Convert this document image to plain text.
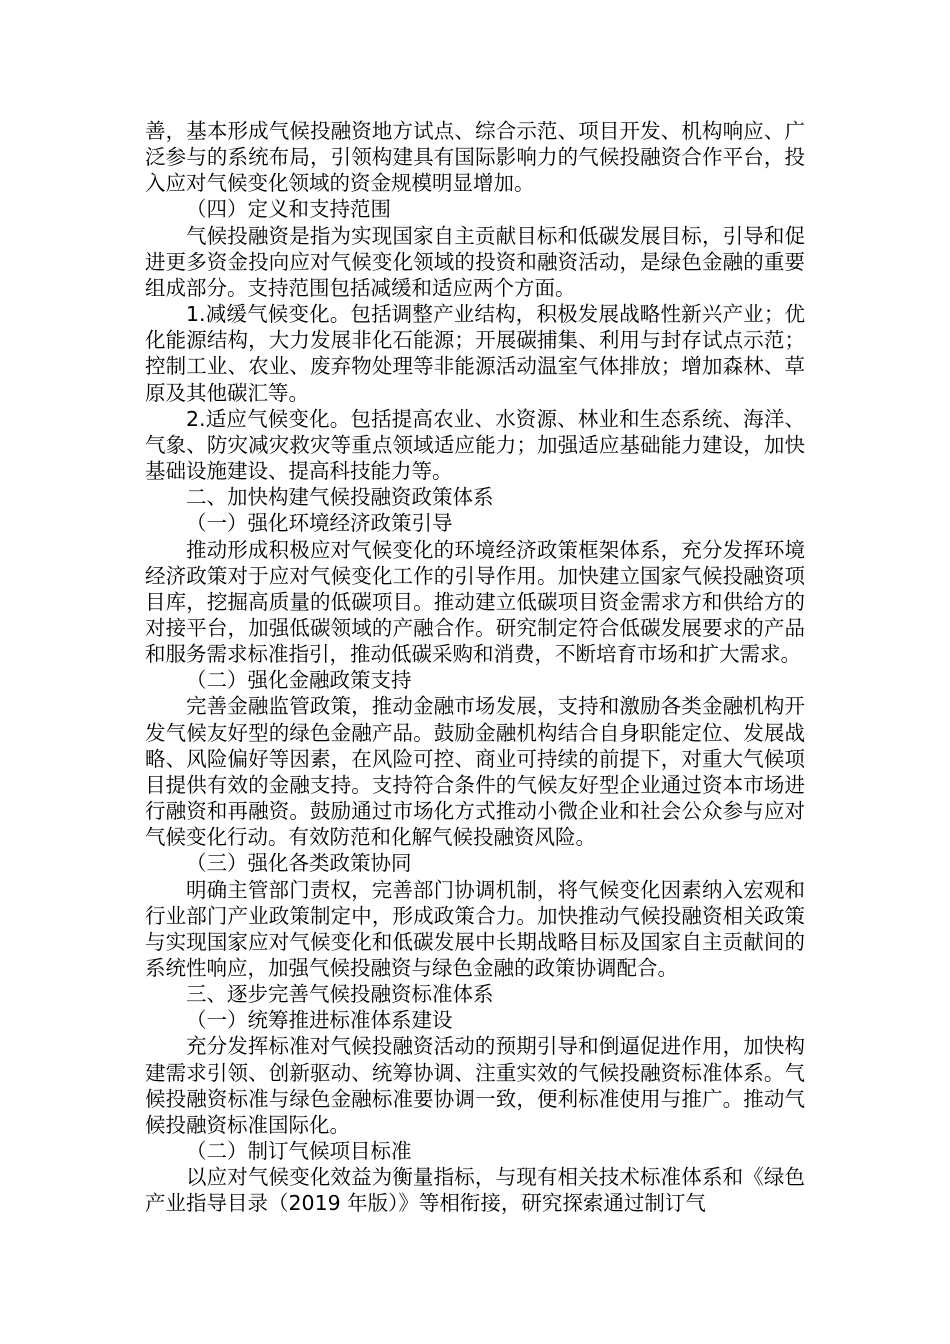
善，基本形成气候投融资地方试点、综合示范、项目开发、机构响应、广泛参与的系统布局，引领构建具有国际影响力的气候投融资合作平台，投入应对气候变化领域的资金规模明显增加。

（四）定义和支持范围

气候投融资是指为实现国家自主贡献目标和低碳发展目标，引导和促进更多资金投向应对气候变化领域的投资和融资活动，是绿色金融的重要组成部分。支持范围包括减缓和适应两个方面。

1.减缓气候变化。包括调整产业结构，积极发展战略性新兴产业；优化能源结构，大力发展非化石能源；开展碳捕集、利用与封存试点示范；控制工业、农业、废弃物处理等非能源活动温室气体排放；增加森林、草原及其他碳汇等。

2.适应气候变化。包括提高农业、水资源、林业和生态系统、海洋、气象、防灾减灾救灾等重点领域适应能力；加强适应基础能力建设，加快基础设施建设、提高科技能力等。

二、加快构建气候投融资政策体系

（一）强化环境经济政策引导

推动形成积极应对气候变化的环境经济政策框架体系，充分发挥环境经济政策对于应对气候变化工作的引导作用。加快建立国家气候投融资项目库，挖掘高质量的低碳项目。推动建立低碳项目资金需求方和供给方的对接平台，加强低碳领域的产融合作。研究制定符合低碳发展要求的产品和服务需求标准指引，推动低碳采购和消费，不断培育市场和扩大需求。

（二）强化金融政策支持

完善金融监管政策，推动金融市场发展，支持和激励各类金融机构开发气候友好型的绿色金融产品。鼓励金融机构结合自身职能定位、发展战略、风险偏好等因素，在风险可控、商业可持续的前提下，对重大气候项目提供有效的金融支持。支持符合条件的气候友好型企业通过资本市场进行融资和再融资。鼓励通过市场化方式推动小微企业和社会公众参与应对气候变化行动。有效防范和化解气候投融资风险。

（三）强化各类政策协同

明确主管部门责权，完善部门协调机制，将气候变化因素纳入宏观和行业部门产业政策制定中，形成政策合力。加快推动气候投融资相关政策与实现国家应对气候变化和低碳发展中长期战略目标及国家自主贡献间的系统性响应，加强气候投融资与绿色金融的政策协调配合。

三、逐步完善气候投融资标准体系

（一）统筹推进标准体系建设

充分发挥标准对气候投融资活动的预期引导和倒逼促进作用，加快构建需求引领、创新驱动、统筹协调、注重实效的气候投融资标准体系。气候投融资标准与绿色金融标准要协调一致，便利标准使用与推广。推动气候投融资标准国际化。

（二）制订气候项目标准

以应对气候变化效益为衡量指标，与现有相关技术标准体系和《绿色产业指导目录（2019 年版）》等相衔接，研究探索通过制订气
